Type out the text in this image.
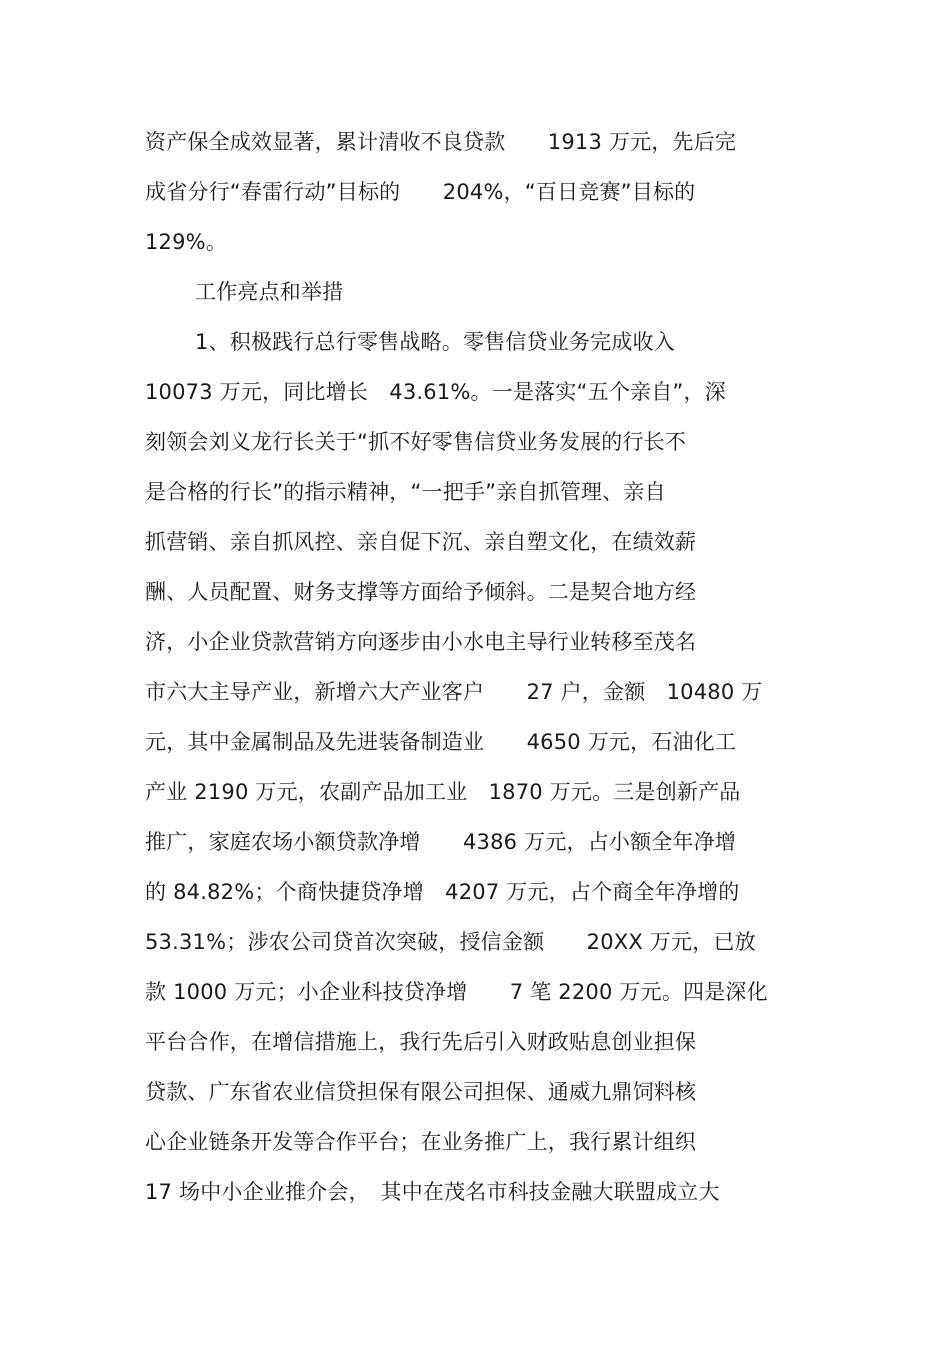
资产保全成效显著，累计清收不良贷款　　1913 万元，先后完
成省分行“春雷行动”目标的　　204%，“百日竞赛”目标的
129%。
工作亮点和举措
1、积极践行总行零售战略。零售信贷业务完成收入
10073 万元，同比增长　43.61%。一是落实“五个亲自”，深
刻领会刘义龙行长关于“抓不好零售信贷业务发展的行长不
是合格的行长”的指示精神，“一把手”亲自抓管理、亲自
抓营销、亲自抓风控、亲自促下沉、亲自塑文化，在绩效薪
酬、人员配置、财务支撑等方面给予倾斜。二是契合地方经
济，小企业贷款营销方向逐步由小水电主导行业转移至茂名
市六大主导产业，新增六大产业客户　　27 户，金额　10480 万
元，其中金属制品及先进装备制造业　　4650 万元，石油化工
产业 2190 万元，农副产品加工业　1870 万元。三是创新产品
推广，家庭农场小额贷款净增　　4386 万元，占小额全年净增
的 84.82%；个商快捷贷净增　4207 万元，占个商全年净增的
53.31%；涉农公司贷首次突破，授信金额　　20XX 万元，已放
款 1000 万元；小企业科技贷净增　　7 笔 2200 万元。四是深化
平台合作，在增信措施上，我行先后引入财政贴息创业担保
贷款、广东省农业信贷担保有限公司担保、通威九鼎饲料核
心企业链条开发等合作平台；在业务推广上，我行累计组织
17 场中小企业推介会，　其中在茂名市科技金融大联盟成立大
